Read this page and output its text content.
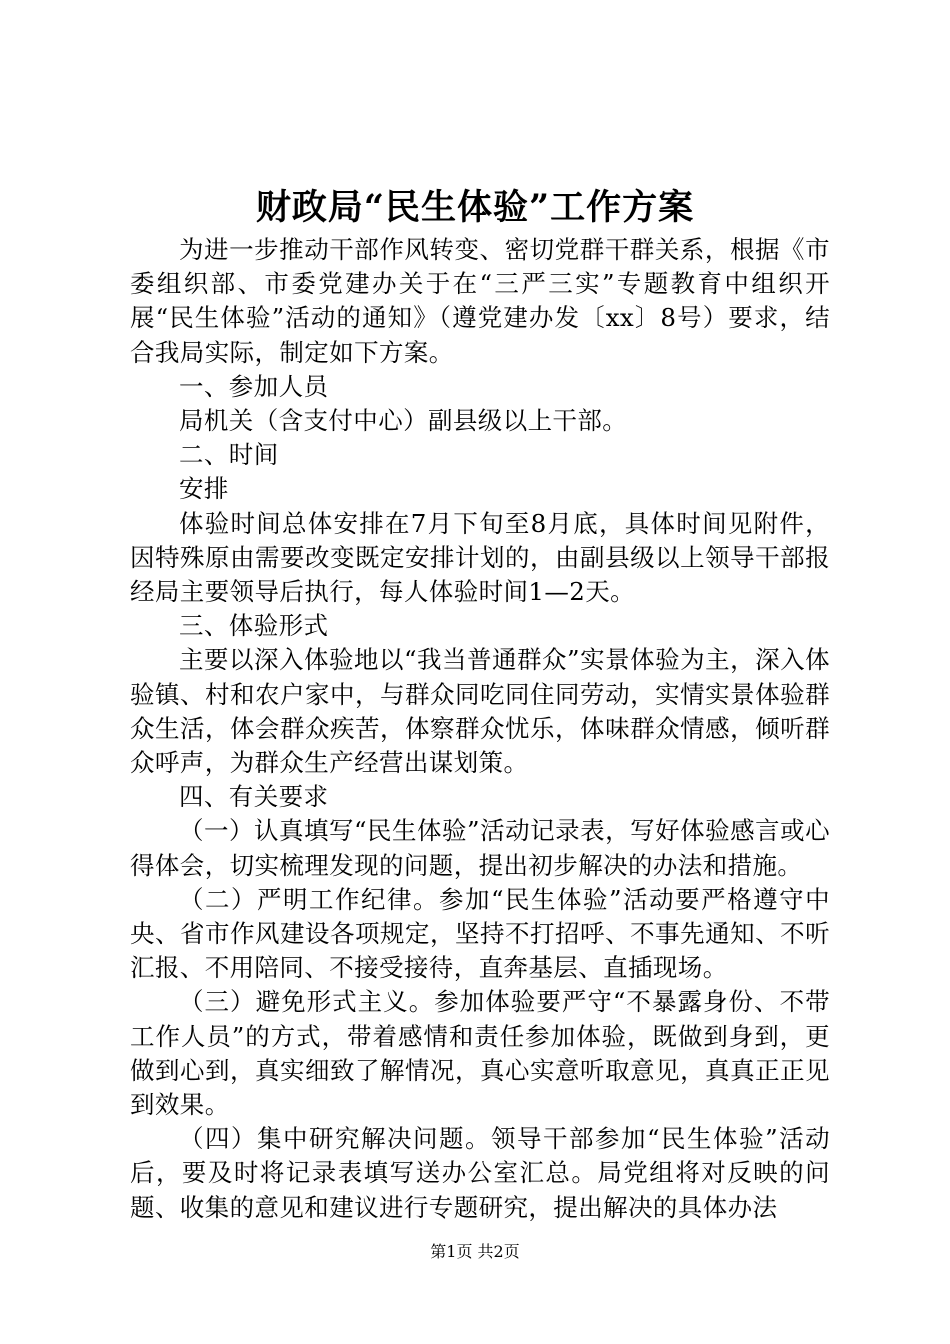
财政局“民生体验”工作方案

为进一步推动干部作风转变、密切党群干群关系，根据《市委组织部、市委党建办关于在“三严三实”专题教育中组织开展“民生体验”活动的通知》（遵党建办发〔xx〕8号）要求，结合我局实际，制定如下方案。

一、参加人员

局机关（含支付中心）副县级以上干部。

二、时间

安排

体验时间总体安排在7月下旬至8月底，具体时间见附件，因特殊原由需要改变既定安排计划的，由副县级以上领导干部报经局主要领导后执行，每人体验时间1—2天。

三、体验形式

主要以深入体验地以“我当普通群众”实景体验为主，深入体验镇、村和农户家中，与群众同吃同住同劳动，实情实景体验群众生活，体会群众疾苦，体察群众忧乐，体味群众情感，倾听群众呼声，为群众生产经营出谋划策。

四、有关要求

（一）认真填写“民生体验”活动记录表，写好体验感言或心得体会，切实梳理发现的问题，提出初步解决的办法和措施。

（二）严明工作纪律。参加“民生体验”活动要严格遵守中央、省市作风建设各项规定，坚持不打招呼、不事先通知、不听汇报、不用陪同、不接受接待，直奔基层、直插现场。

（三）避免形式主义。参加体验要严守“不暴露身份、不带工作人员”的方式，带着感情和责任参加体验，既做到身到，更做到心到，真实细致了解情况，真心实意听取意见，真真正正见到效果。

（四）集中研究解决问题。领导干部参加“民生体验”活动后，要及时将记录表填写送办公室汇总。局党组将对反映的问题、收集的意见和建议进行专题研究，提出解决的具体办法

第1页 共2页
